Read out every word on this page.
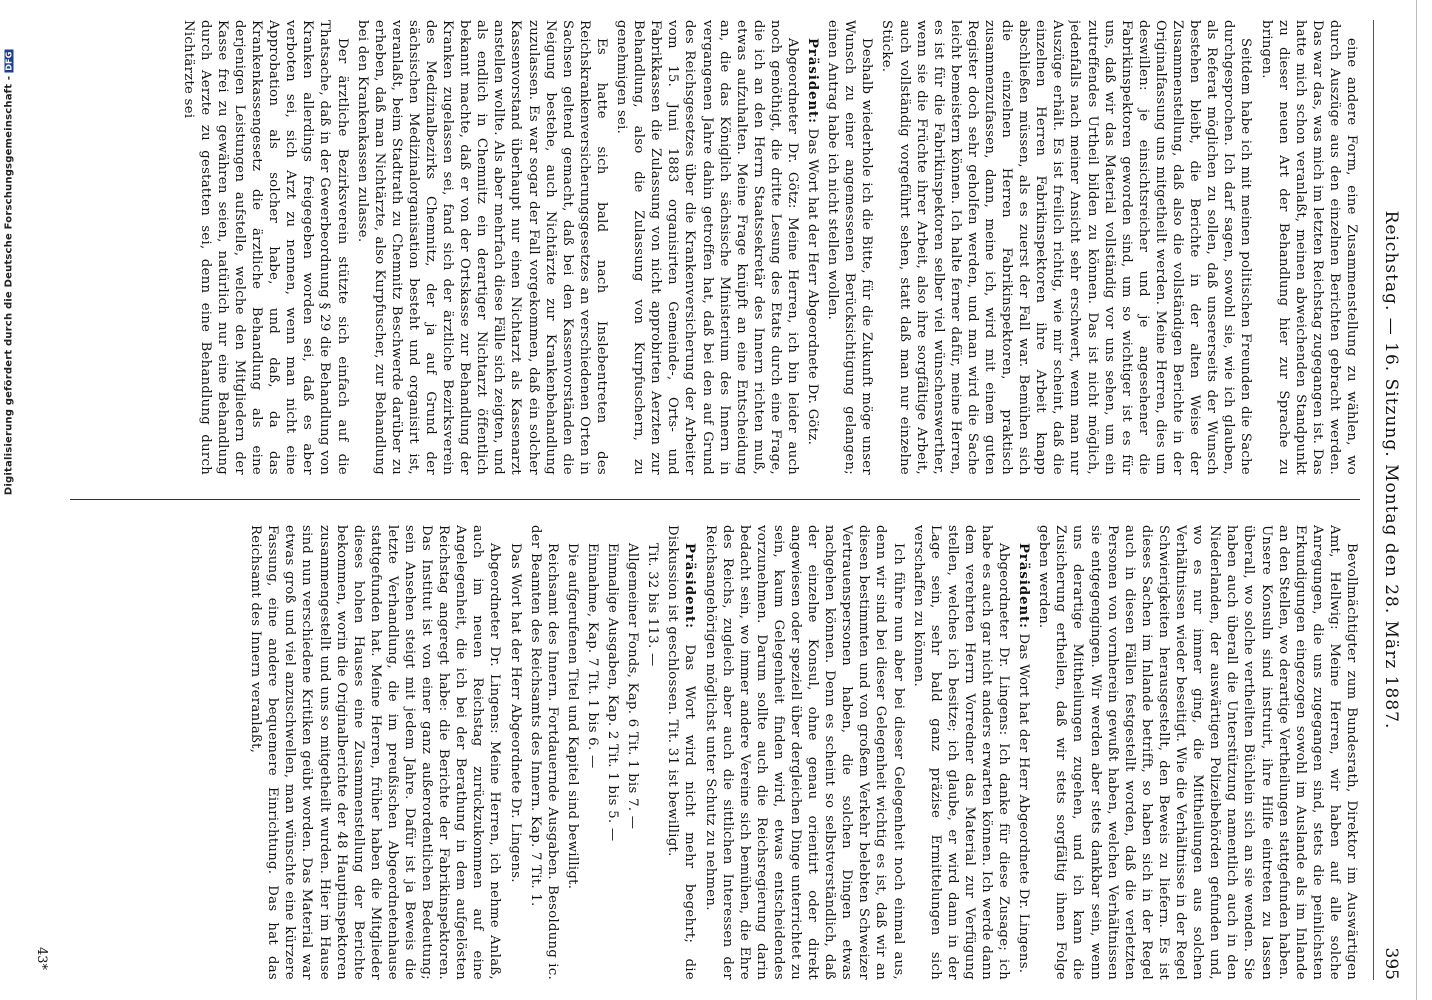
Digitalisierung gefördert durch die Deutsche Forschungsgemeinschaft -DFG
Reichstag. — 16. Sitzung. Montag den 28. März 1887.
395

eine andere Form, eine Zusammenstellung zu wählen, wo durch Auszüge aus den einzelnen Berichten gebracht werden. Das war das, was mich im letzten Reichstag zugegangen ist. Das hatte mich schon veranlaßt, meinen abweichenden Standpunkt zu dieser neuen Art der Behandlung hier zur Sprache zu bringen.

Seitdem habe ich mit meinen politischen Freunden die Sache durchgesprochen. Ich darf sagen, sowohl sie, wie ich glauben, als Referat möglichen zu sollen, daß unsererseits der Wunsch bestehen bleibt, die Berichte in der alten Weise der Zusammenstellung, daß also die vollständigen Berichte in der Originalfassung uns mitgetheilt werden. Meine Herren, dies um deswillen: je einsichtsreicher und je angesehener die Fabrikinspektoren geworden sind, um so wichtiger ist es für uns, daß wir das Material vollständig vor uns sehen, um ein zutreffendes Urtheil bilden zu können. Das ist nicht möglich, jedenfalls nach meiner Ansicht sehr erschwert, wenn man nur Auszüge erhält. Es ist freilich richtig, wie mir scheint, daß die einzelnen Herren Fabrikinspektoren ihre Arbeit knapp abschließen müssen, als es zuerst der Fall war. Bemühen sich die einzelnen Herren Fabrikinspektoren, praktisch zusammenzufassen, dann, meine ich, wird mit einem guten Register doch sehr geholfen werden, und man wird die Sache leicht bemeistern können. Ich halte ferner dafür, meine Herren, es ist für die Fabrikinspektoren selber viel wünschenswerther, wenn sie die Früchte ihrer Arbeit, also ihre sorgfältige Arbeit, auch vollständig vorgeführt sehen, statt daß man nur einzelne Stücke.

Deshalb wiederhole ich die Bitte, für die Zukunft möge unser Wunsch zu einer angemessenen Berücksichtigung gelangen; einen Antrag habe ich nicht stellen wollen.

Präsident: Das Wort hat der Herr Abgeordnete Dr. Götz.

Abgeordneter Dr. Götz: Meine Herren, ich bin leider auch noch genöthigt, die dritte Lesung des Etats durch eine Frage, die ich an den Herrn Staatssekretär des Innern richten muß, etwas aufzuhalten. Meine Frage knüpft an eine Entscheidung an, die das Königlich sächsische Ministerium des Innern in vergangenen Jahre dahin getroffen hat, daß bei den auf Grund des Reichsgesetzes über die Krankenversicherung der Arbeiter vom 15. Juni 1883 organisirten Gemeinde-, Orts- und Fabrikkassen die Zulassung von nicht approbirten Aerzten zur Behandlung, also die Zulassung von Kurpfuschern, zu genehmigen sei.

Es hatte sich bald nach Inslebentreten des Reichskrankenversicherungsgesetzes an verschiedenen Orten in Sachsen geltend gemacht, daß bei den Kassenvorständen die Neigung bestehe, auch Nichtärzte zur Krankenbehandlung zuzulassen. Es war sogar der Fall vorgekommen, daß ein solcher Kassenvorstand überhaupt nur einen Nichtarzt als Kassenarzt anstellen wollte. Als aber mehrfach diese Fälle sich zeigten, und als endlich in Chemnitz ein derartiger Nichtarzt öffentlich bekannt machte, daß er von der Ortskasse zur Behandlung der Kranken zugelassen sei, fand sich der ärztliche Bezirksverein des Medizinalbezirks Chemnitz, der ja auf Grund der sächsischen Medizinalorganisation besteht und organisirt ist, veranlaßt, beim Stadtrath zu Chemnitz Beschwerde darüber zu erheben, daß man Nichtärzte, also Kurpfuscher, zur Behandlung bei den Krankenkassen zulasse.

Der ärztliche Bezirksverein stützte sich einfach auf die Thatsache, daß in der Gewerbeordnung § 29 die Behandlung von Kranken allerdings freigegeben worden sei, daß es aber verboten sei, sich Arzt zu nennen, wenn man nicht eine Approbation als solcher habe, und daß, da das Krankenkassengesetz die ärztliche Behandlung als eine derjenigen Leistungen aufstelle, welche den Mitgliedern der Kasse frei zu gewähren seien, natürlich nur eine Behandlung durch Aerzte zu gestatten sei, denn eine Behandlung durch Nichtärzte sei

Bevollmächtigter zum Bundesrath, Direktor im Auswärtigen Amt, Hellwig: Meine Herren, wir haben auf alle solche Anregungen, die uns zugegangen sind, stets die peinlichsten Erkundigungen eingezogen sowohl im Auslande als im Inlande an den Stellen, wo derartige Vertheilungen stattgefunden haben. Unsere Konsuln sind instruirt, ihre Hilfe eintreten zu lassen überall, wo solche vertheilten Büchlein sich an sie wenden. Sie haben auch überall die Unterstützung namentlich auch in den Niederlanden, der auswärtigen Polizeibehörden gefunden und, wo es nur immer ging, die Mittheilungen aus solchen Verhältnissen wieder beseitigt. Wie die Verhältnisse in der Regel Schwierigkeiten herausgestellt, den Beweis zu liefern. Es ist dieses Sachen im Inlande betrifft, so haben sich in der Regel auch in diesen Fällen festgestellt worden, daß die verletzten Personen von vornherein gewußt haben, welchen Verhältnissen sie entgegengingen. Wir werden aber stets dankbar sein, wenn uns derartige Mittheilungen zugehen, und ich kann die Zusicherung ertheilen, daß wir stets sorgfältig ihnen Folge geben werden.

Präsident: Das Wort hat der Herr Abgeordnete Dr. Lingens.

Abgeordneter Dr. Lingens: Ich danke für diese Zusage; ich habe es auch gar nicht anders erwarten können. Ich werde dann dem verehrten Herrn Vorredner das Material zur Verfügung stellen, welches ich besitze; ich glaube, er wird dann in der Lage sein, sehr bald ganz präzise Ermittelungen sich verschaffen zu können.

Ich führe nun aber bei dieser Gelegenheit noch einmal aus, denn wir sind bei dieser Gelegenheit wichtig es ist, daß wir an diesen bestimmten und von großem Verkehr belebten Schweizer Vertrauenspersonen haben, die solchen Dingen etwas nachgehen können. Denn es scheint so selbstverständlich, daß der einzelne Konsul, ohne genau orientirt oder direkt angewiesen oder speziell über dergleichen Dinge unterrichtet zu sein, kaum Gelegenheit finden wird, etwas entscheidendes vorzunehmen. Darum sollte auch die Reichsregierung darin bedacht sein, wo immer andere Vereine sich bemühen, die Ehre des Reichs, zugleich aber auch die sittlichen Interessen der Reichsangehörigen möglichst unter Schutz zu nehmen.

Präsident: Das Wort wird nicht mehr begehrt; die Diskussion ist geschlossen. Tit. 31 ist bewilligt.

Tit. 32 bis 113. —

Allgemeiner Fonds, Kap. 6 Tit. 1 bis 7. —

Einmalige Ausgaben, Kap. 2 Tit. 1 bis 5. —

Einnahme, Kap. 7 Tit. 1 bis 6. —

Die aufgerufenen Titel und Kapitel sind bewilligt.

Reichsamt des Innern. Fortdauernde Ausgaben. Besoldung ic. der Beamten des Reichsamts des Innern. Kap. 7 Tit. 1.

Das Wort hat der Herr Abgeordnete Dr. Lingens.

Abgeordneter Dr. Lingens: Meine Herren, ich nehme Anlaß, auch im neuen Reichstag zurückzukommen auf eine Angelegenheit, die ich bei der Berathung in dem aufgelösten Reichstag angeregt habe: die Berichte der Fabrikinspektoren. Das Institut ist von einer ganz außerordentlichen Bedeutung; sein Ansehen steigt mit jedem Jahre. Dafür ist ja Beweis die letzte Verhandlung, die im preußischen Abgeordnetenhause stattgefunden hat. Meine Herren, früher haben die Mitglieder dieses hohen Hauses eine Zusammenstellung der Berichte bekommen, worin die Originalberichte der 48 Hauptinspektoren zusammengestellt und uns so mitgetheilt wurden. Hier im Hause sind nun verschiedene Kritiken geübt worden. Das Material war etwas groß und viel anzuschwellen, man wünschte eine kürzere Fassung, eine andere bequemere Einrichtung. Das hat das Reichsamt des Innern veranlaßt,

43*
